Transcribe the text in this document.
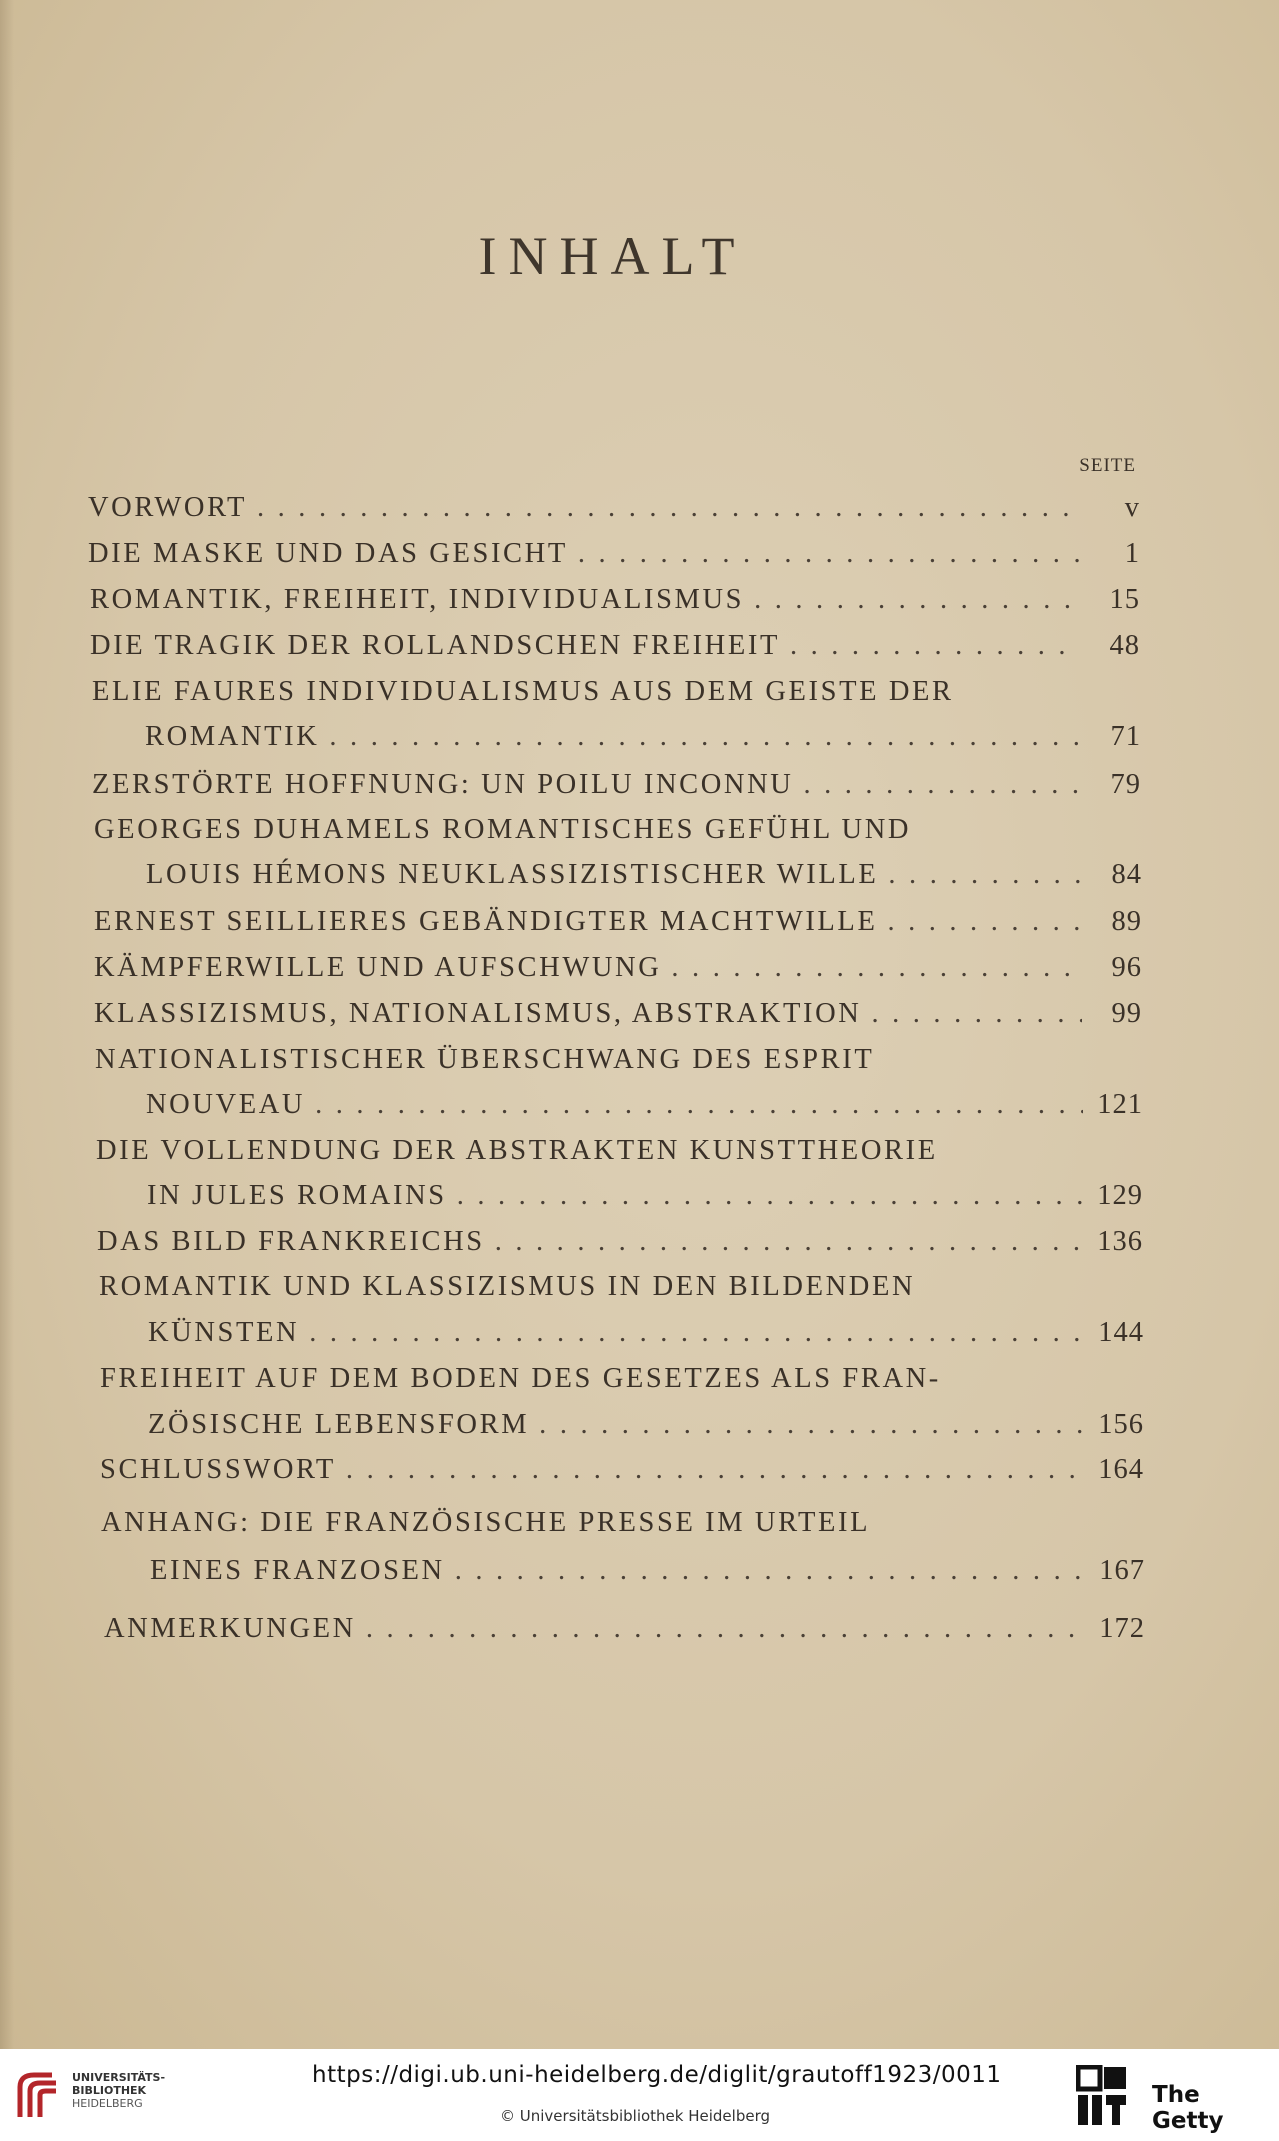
INHALT
SEITE
VORWORT . . .	v
DIE MASKE UND DAS GESICHT . . .	1
ROMANTIK, FREIHEIT, INDIVIDUALISMUS . . .	15
DIE TRAGIK DER ROLLANDSCHEN FREIHEIT . . .	48
ELIE FAURES INDIVIDUALISMUS AUS DEM GEISTE DER
ROMANTIK . . .	71
ZERSTÖRTE HOFFNUNG: UN POILU INCONNU . . .	79
GEORGES DUHAMELS ROMANTISCHES GEFÜHL UND
LOUIS HÉMONS NEUKLASSIZISTISCHER WILLE . . .	84
ERNEST SEILLIERES GEBÄNDIGTER MACHTWILLE . . .	89
KÄMPFERWILLE UND AUFSCHWUNG . . .	96
KLASSIZISMUS, NATIONALISMUS, ABSTRAKTION . . .	99
NATIONALISTISCHER ÜBERSCHWANG DES ESPRIT
NOUVEAU . . .	121
DIE VOLLENDUNG DER ABSTRAKTEN KUNSTTHEORIE
IN JULES ROMAINS . . .	129
DAS BILD FRANKREICHS . . .	136
ROMANTIK UND KLASSIZISMUS IN DEN BILDENDEN
KÜNSTEN . . .	144
FREIHEIT AUF DEM BODEN DES GESETZES ALS FRAN-
ZÖSISCHE LEBENSFORM . . .	156
SCHLUSSWORT . . .	164
ANHANG: DIE FRANZÖSISCHE PRESSE IM URTEIL
EINES FRANZOSEN . . .	167
ANMERKUNGEN . . .	172
UNIVERSITÄTS-
BIBLIOTHEK
HEIDELBERG
https://digi.ub.uni-heidelberg.de/diglit/grautoff1923/0011
© Universitätsbibliothek Heidelberg
The Getty
